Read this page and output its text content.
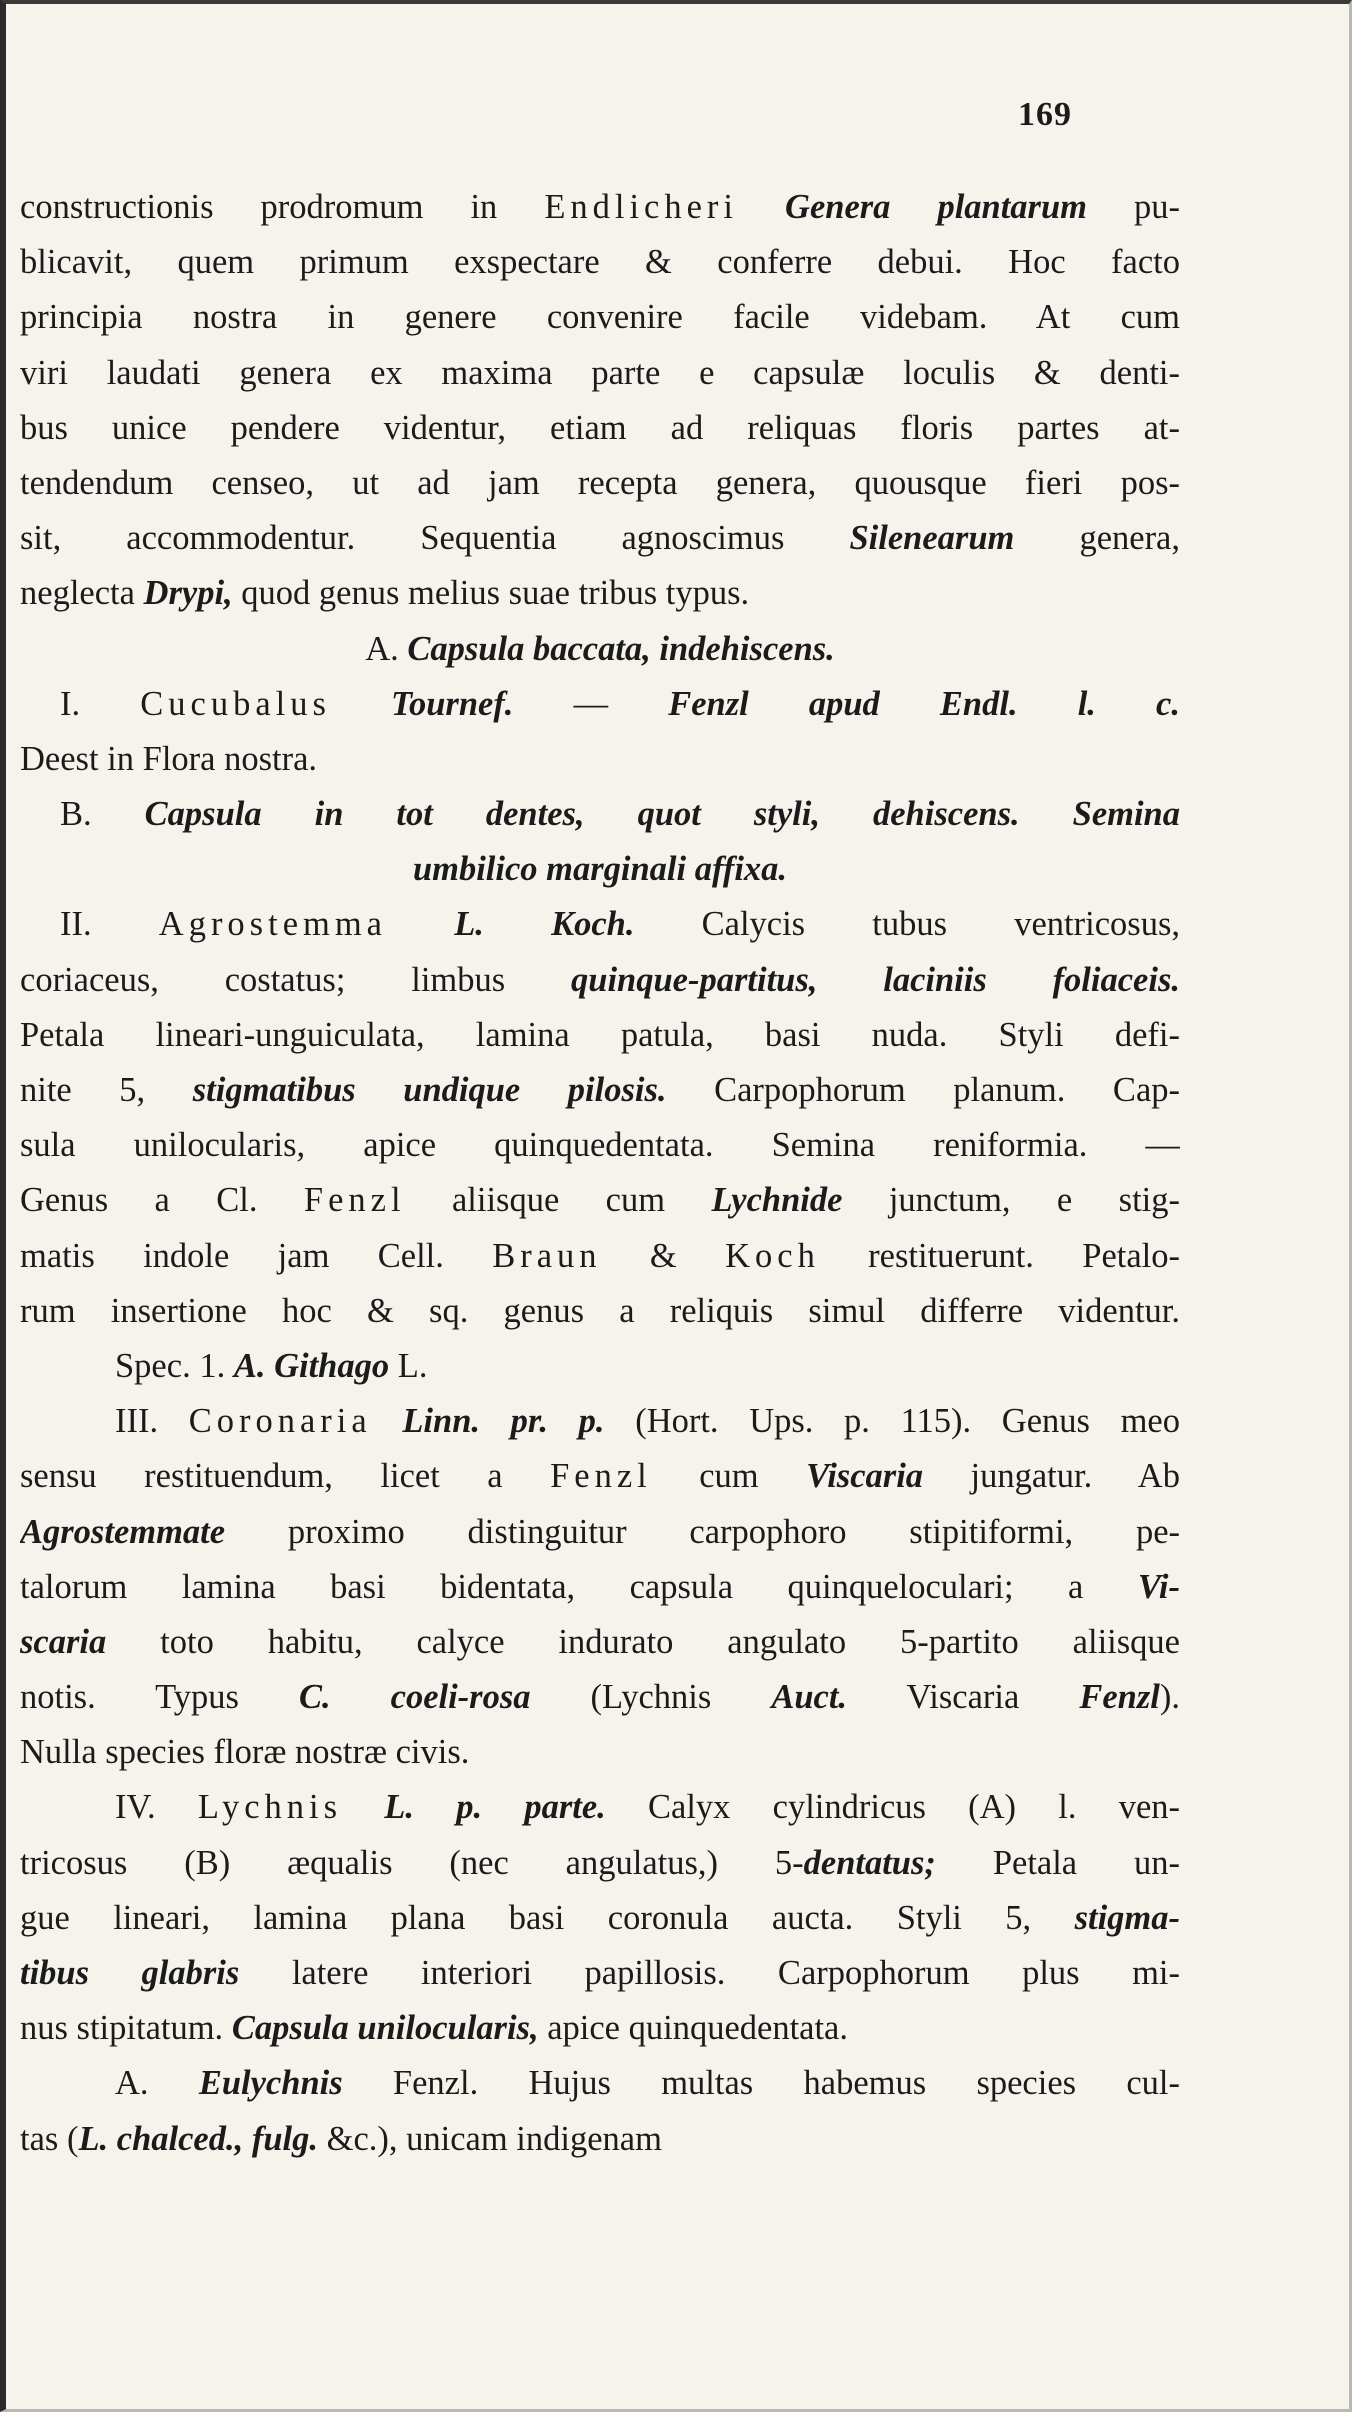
169
constructionis prodromum in Endlicheri Genera plantarum pu-
blicavit, quem primum exspectare & conferre debui. Hoc facto
principia nostra in genere convenire facile videbam. At cum
viri laudati genera ex maxima parte e capsulæ loculis & denti-
bus unice pendere videntur, etiam ad reliquas floris partes at-
tendendum censeo, ut ad jam recepta genera, quousque fieri pos-
sit, accommodentur. Sequentia agnoscimus Silenearum genera,
neglecta Drypi, quod genus melius suae tribus typus.
A. Capsula baccata, indehiscens.
I. Cucubalus Tournef. — Fenzl apud Endl. l. c.
Deest in Flora nostra.
B. Capsula in tot dentes, quot styli, dehiscens. Semina
umbilico marginali affixa.
II. Agrostemma L. Koch. Calycis tubus ventricosus,
coriaceus, costatus; limbus quinque-partitus, laciniis foliaceis.
Petala lineari-unguiculata, lamina patula, basi nuda. Styli defi-
nite 5, stigmatibus undique pilosis. Carpophorum planum. Cap-
sula unilocularis, apice quinquedentata. Semina reniformia. —
Genus a Cl. Fenzl aliisque cum Lychnide junctum, e stig-
matis indole jam Cell. Braun & Koch restituerunt. Petalo-
rum insertione hoc & sq. genus a reliquis simul differre videntur.
Spec. 1. A. Githago L.
III. Coronaria Linn. pr. p. (Hort. Ups. p. 115). Genus meo
sensu restituendum, licet a Fenzl cum Viscaria jungatur. Ab
Agrostemmate proximo distinguitur carpophoro stipitiformi, pe-
talorum lamina basi bidentata, capsula quinqueloculari; a Vi-
scaria toto habitu, calyce indurato angulato 5-partito aliisque
notis. Typus C. coeli-rosa (Lychnis Auct. Viscaria Fenzl).
Nulla species floræ nostræ civis.
IV. Lychnis L. p. parte. Calyx cylindricus (A) l. ven-
tricosus (B) æqualis (nec angulatus,) 5-dentatus; Petala un-
gue lineari, lamina plana basi coronula aucta. Styli 5, stigma-
tibus glabris latere interiori papillosis. Carpophorum plus mi-
nus stipitatum. Capsula unilocularis, apice quinquedentata.
A. Eulychnis Fenzl. Hujus multas habemus species cul-
tas (L. chalced., fulg. &c.), unicam indigenam
